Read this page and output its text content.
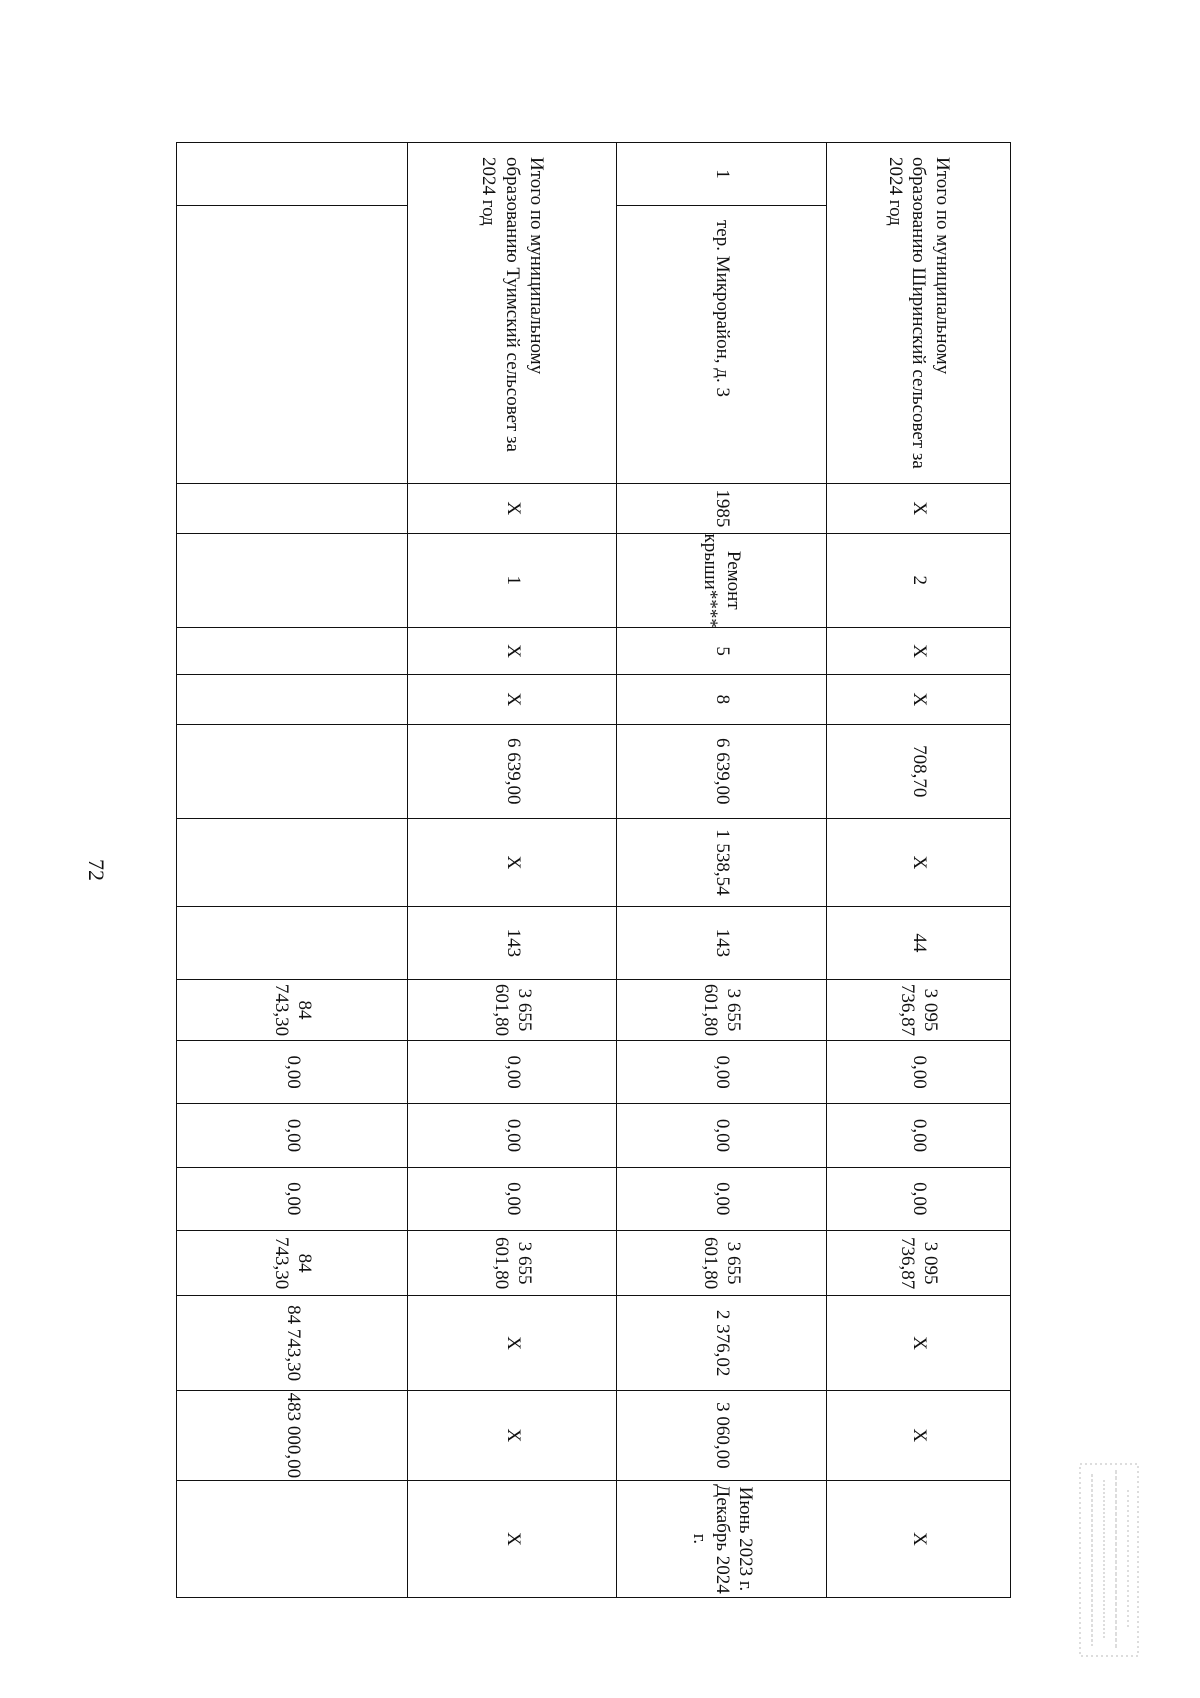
72
Итого по муниципальному образованию Ширинский сельсовет за 2024 год	X	2	X	X	708,70	X	44	3 095 736,87	0,00	0,00	0,00	3 095 736,87	X	X	X

1
тер. Микрорайон, д. 3	1985	Ремонт крыши****	5	8	6 639,00	1 538,54	143	3 655 601,80	0,00	0,00	0,00	3 655 601,80	2 376,02	3 060,00	Июнь 2023 г. Декабрь 2024 г.
Итого по муниципальному образованию Туимский сельсовет за 2024 год	X	1	X	X	6 639,00	X	143	3 655 601,80	0,00	0,00	0,00	3 655 601,80	X	X	X

								84 743,30	0,00	0,00	0,00	84 743,30	84 743,30	483 000,00	
